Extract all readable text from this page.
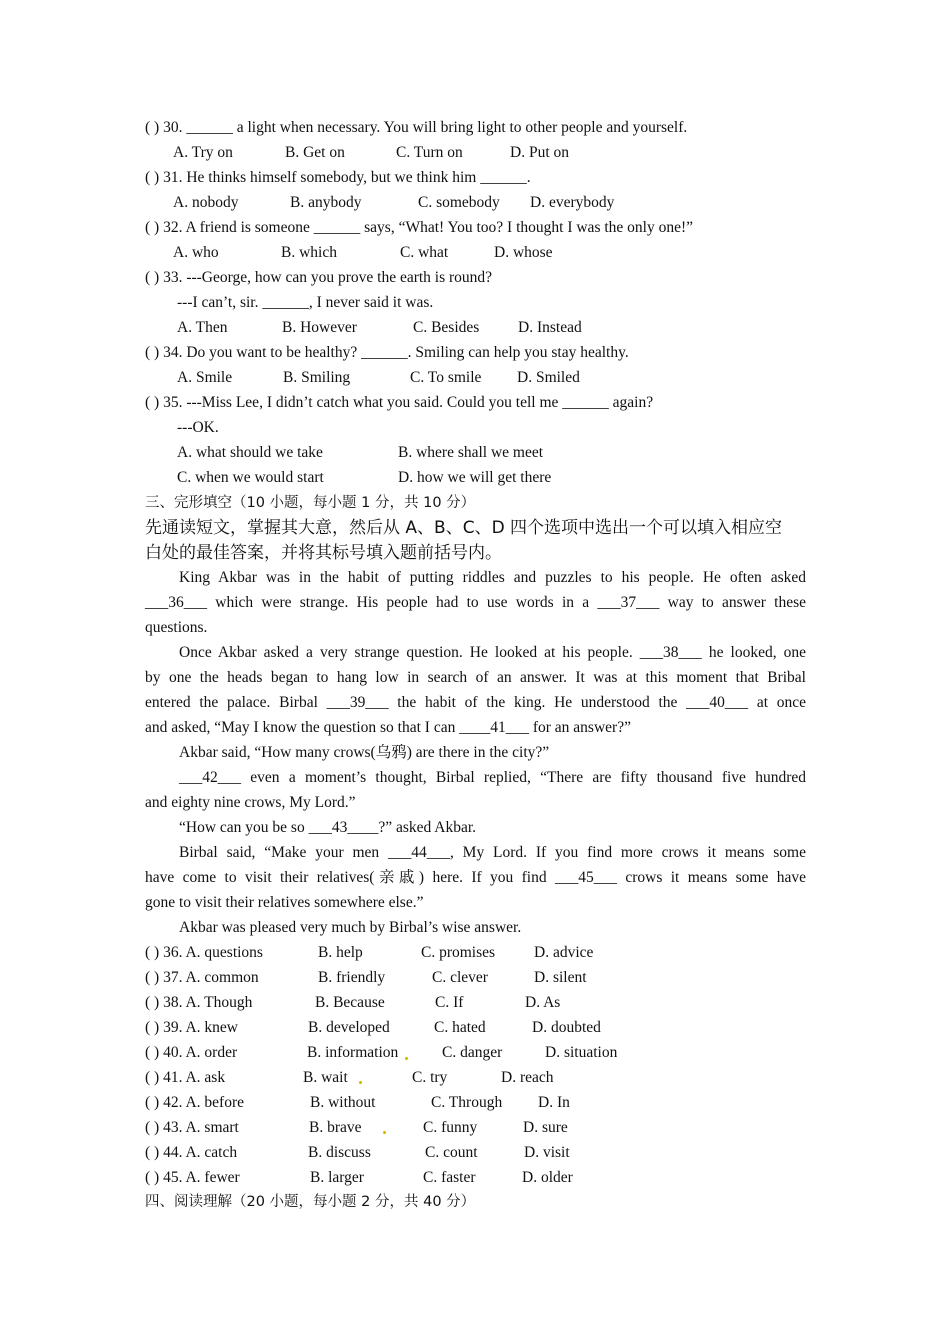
( ) 30. ______ a light when necessary. You will bring light to other people and yourself.
A. Try on	B. Get on	C. Turn on	D. Put on
( ) 31. He thinks himself somebody, but we think him ______.
A. nobody	B. anybody	C. somebody D. everybody
( ) 32. A friend is someone ______ says, “What! You too? I thought I was the only one!”
A. who	B. which	C. what	D. whose
( ) 33. ---George, how can you prove the earth is round?
---I can’t, sir. ______, I never said it was.
A. Then	B. However	C. Besides D. Instead
( ) 34. Do you want to be healthy? ______. Smiling can help you stay healthy.
A. Smile	B. Smiling	C. To smile D. Smiled
( ) 35. ---Miss Lee, I didn’t catch what you said. Could you tell me ______ again?
---OK.
A. what should we take	B. where shall we meet
C. when we would start	D. how we will get there
三、完形填空（10 小题，每小题 1 分，共 10 分）
先通读短文，掌握其大意，然后从 A、B、C、D 四个选项中选出一个可以填入相应空
白处的最佳答案，并将其标号填入题前括号内。
King Akbar was in the habit of putting riddles and puzzles to his people. He often asked
___36___ which were strange. His people had to use words in a ___37___ way to answer these
questions.
Once Akbar asked a very strange question. He looked at his people. ___38___ he looked, one
by one the heads began to hang low in search of an answer. It was at this moment that Bribal
entered the palace. Birbal ___39___ the habit of the king. He understood the ___40___ at once
and asked, “May I know the question so that I can ____41___ for an answer?”
Akbar said, “How many crows(乌鸦) are there in the city?”
___42___ even a moment’s thought, Birbal replied, “There are fifty thousand five hundred
and eighty nine crows, My Lord.”
“How can you be so ___43____?” asked Akbar.
Birbal said, “Make your men ___44___, My Lord. If you find more crows it means some
have come to visit their relatives(亲戚) here. If you find ___45___ crows it means some have
gone to visit their relatives somewhere else.”
Akbar was pleased very much by Birbal’s wise answer.
( ) 36. A. questions	B. help	C. promises	D. advice
( ) 37. A. common	B. friendly	C. clever	D. silent
( ) 38. A. Though	B. Because	C. If	D. As
( ) 39. A. knew	B. developed	C. hated	D. doubted
( ) 40. A. order	B. information	C. danger	D. situation
( ) 41. A. ask	B. wait	C. try	D. reach
( ) 42. A. before	B. without	C. Through D. In
( ) 43. A. smart	B. brave	C. funny	D. sure
( ) 44. A. catch	B. discuss	C. count	D. visit
( ) 45. A. fewer	B. larger	C. faster	D. older
四、阅读理解（20 小题，每小题 2 分，共 40 分）
